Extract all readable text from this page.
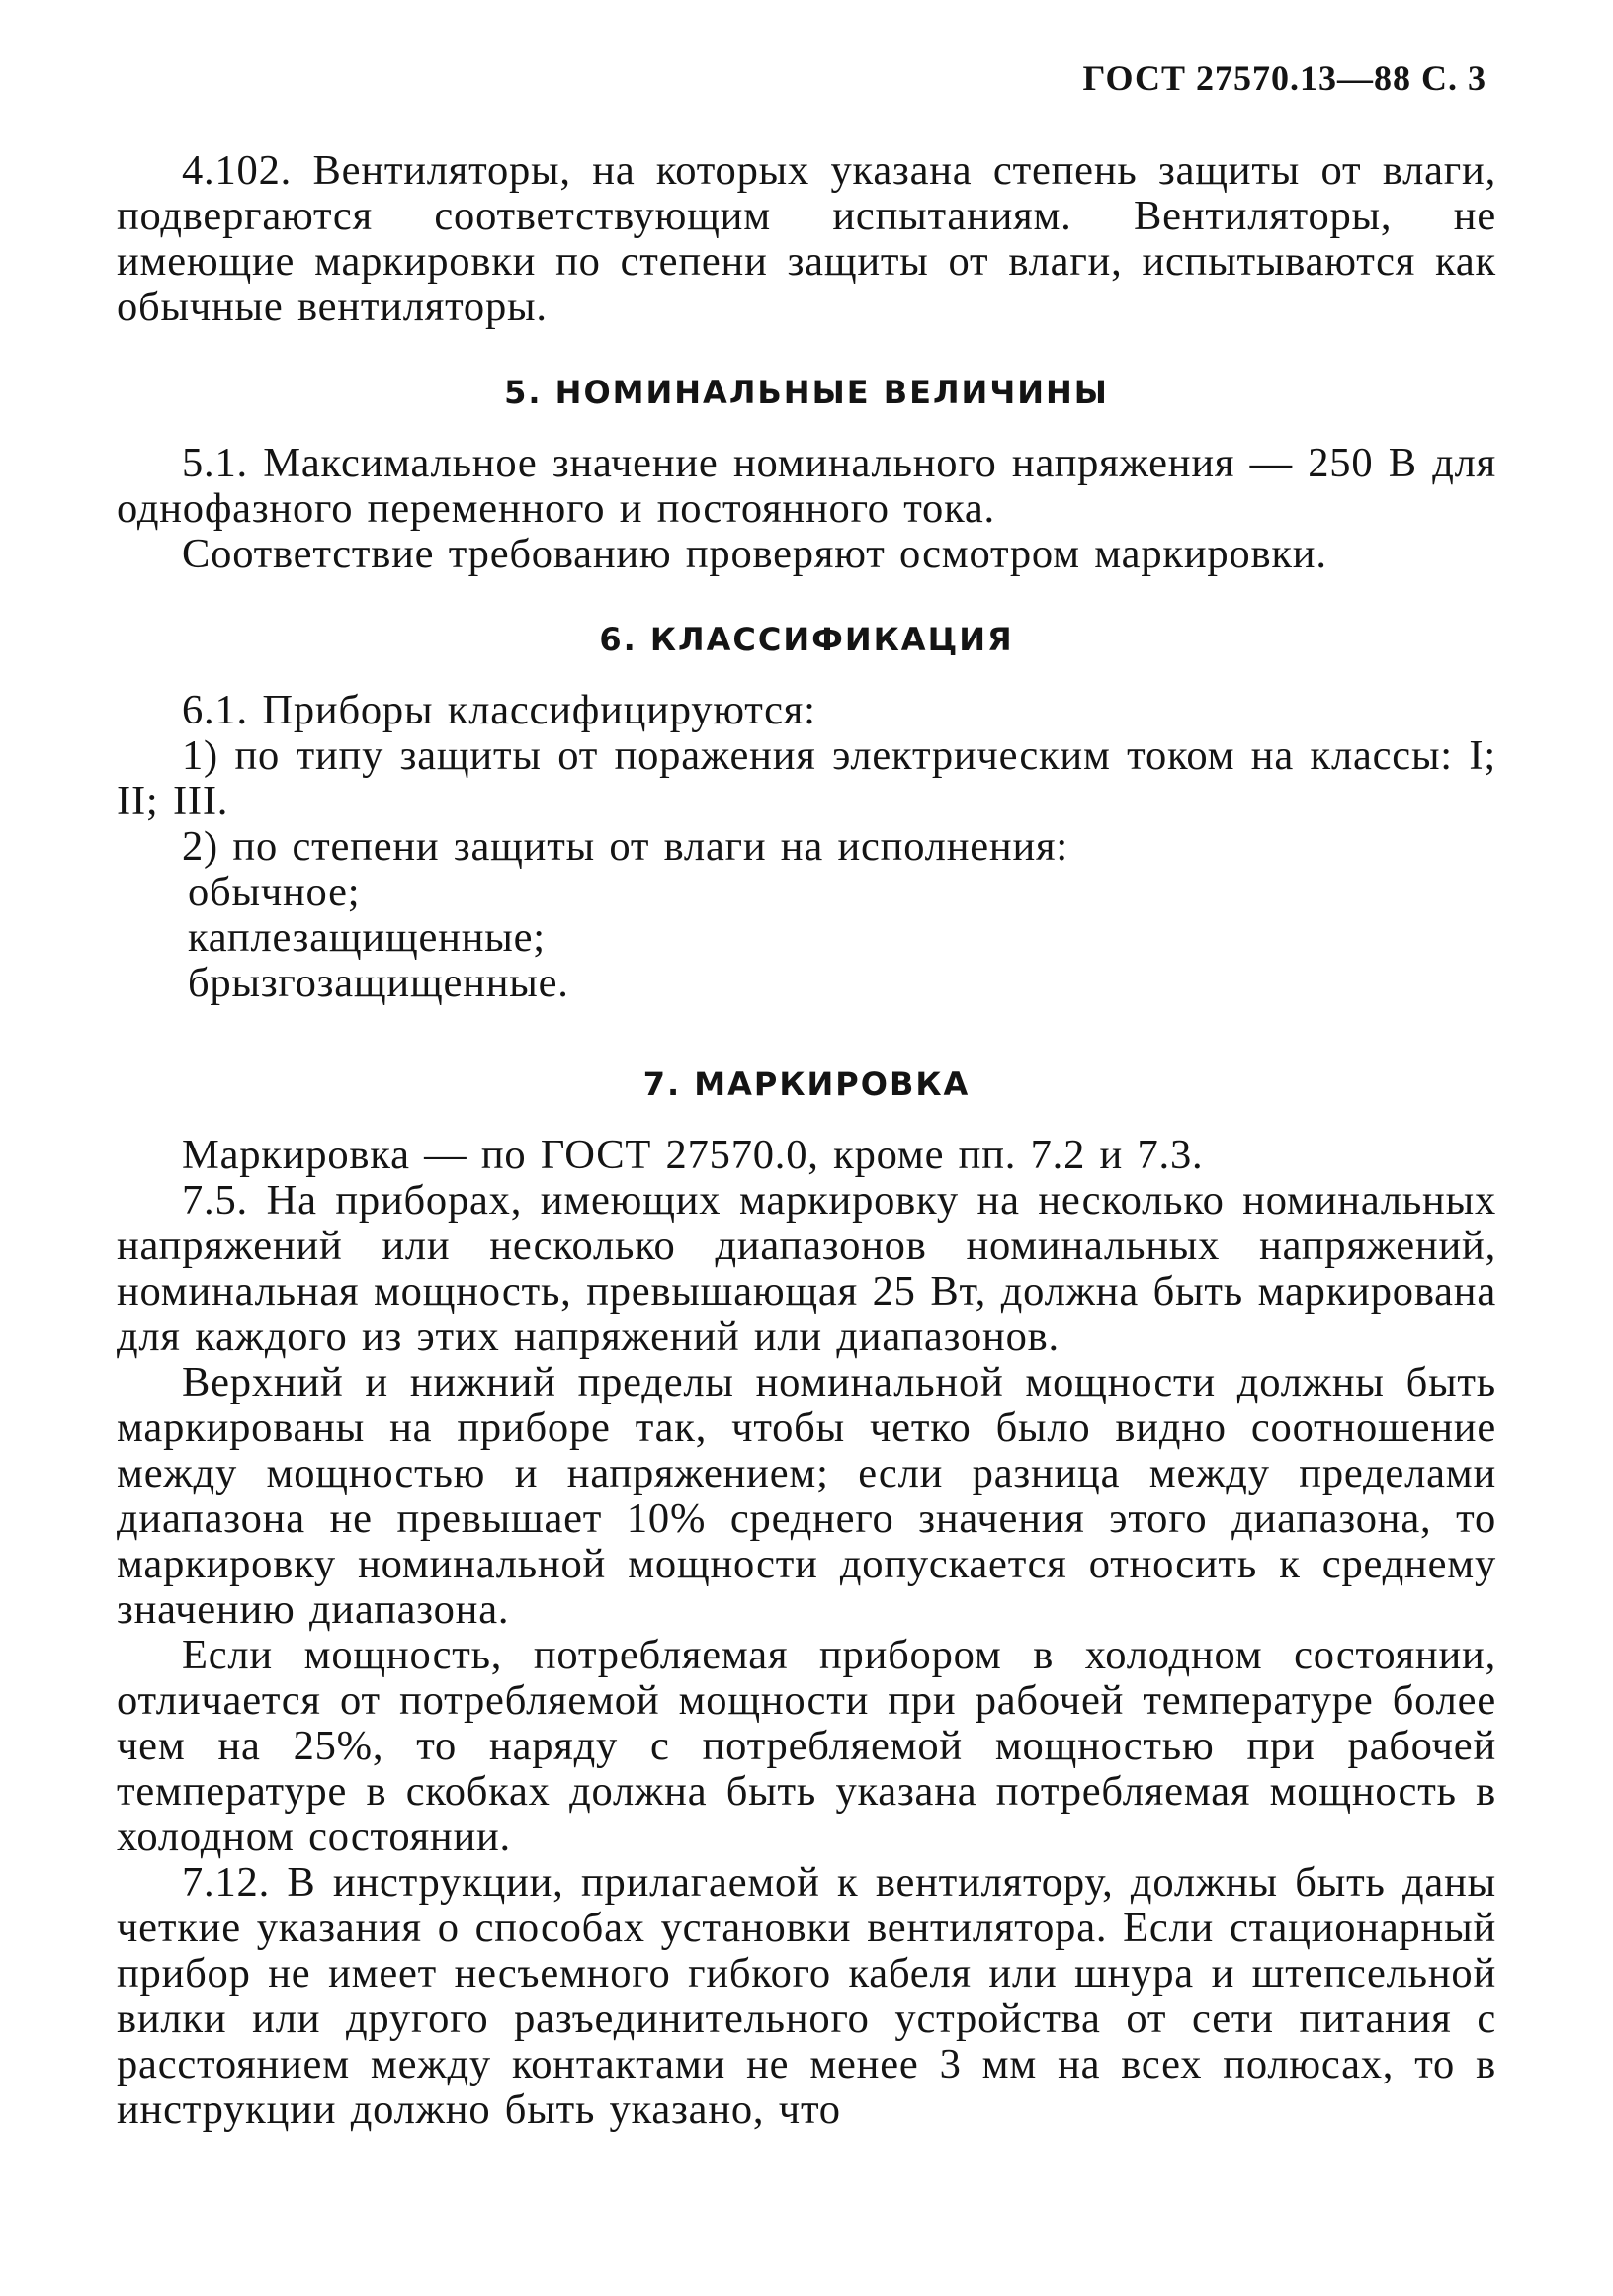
ГОСТ 27570.13—88 С. 3

4.102. Вентиляторы, на которых указана степень защиты от влаги, подвергаются соответствующим испытаниям. Вентиляторы, не имеющие маркировки по степени защиты от влаги, испытываются как обычные вентиляторы.

5. НОМИНАЛЬНЫЕ ВЕЛИЧИНЫ

5.1. Максимальное значение номинального напряжения — 250 В для однофазного переменного и постоянного тока.

Соответствие требованию проверяют осмотром маркировки.

6. КЛАССИФИКАЦИЯ

6.1. Приборы классифицируются:

1) по типу защиты от поражения электрическим током на классы: I; II; III.

2) по степени защиты от влаги на исполнения:

обычное;

каплезащищенные;

брызгозащищенные.

7. МАРКИРОВКА

Маркировка — по ГОСТ 27570.0, кроме пп. 7.2 и 7.3.

7.5. На приборах, имеющих маркировку на несколько номинальных напряжений или несколько диапазонов номинальных напряжений, номинальная мощность, превышающая 25 Вт, должна быть маркирована для каждого из этих напряжений или диапазонов.

Верхний и нижний пределы номинальной мощности должны быть маркированы на приборе так, чтобы четко было видно соотношение между мощностью и напряжением; если разница между пределами диапазона не превышает 10% среднего значения этого диапазона, то маркировку номинальной мощности допускается относить к среднему значению диапазона.

Если мощность, потребляемая прибором в холодном состоянии, отличается от потребляемой мощности при рабочей температуре более чем на 25%, то наряду с потребляемой мощностью при рабочей температуре в скобках должна быть указана потребляемая мощность в холодном состоянии.

7.12. В инструкции, прилагаемой к вентилятору, должны быть даны четкие указания о способах установки вентилятора. Если стационарный прибор не имеет несъемного гибкого кабеля или шнура и штепсельной вилки или другого разъединительного устройства от сети питания с расстоянием между контактами не менее 3 мм на всех полюсах, то в инструкции должно быть указано, что
